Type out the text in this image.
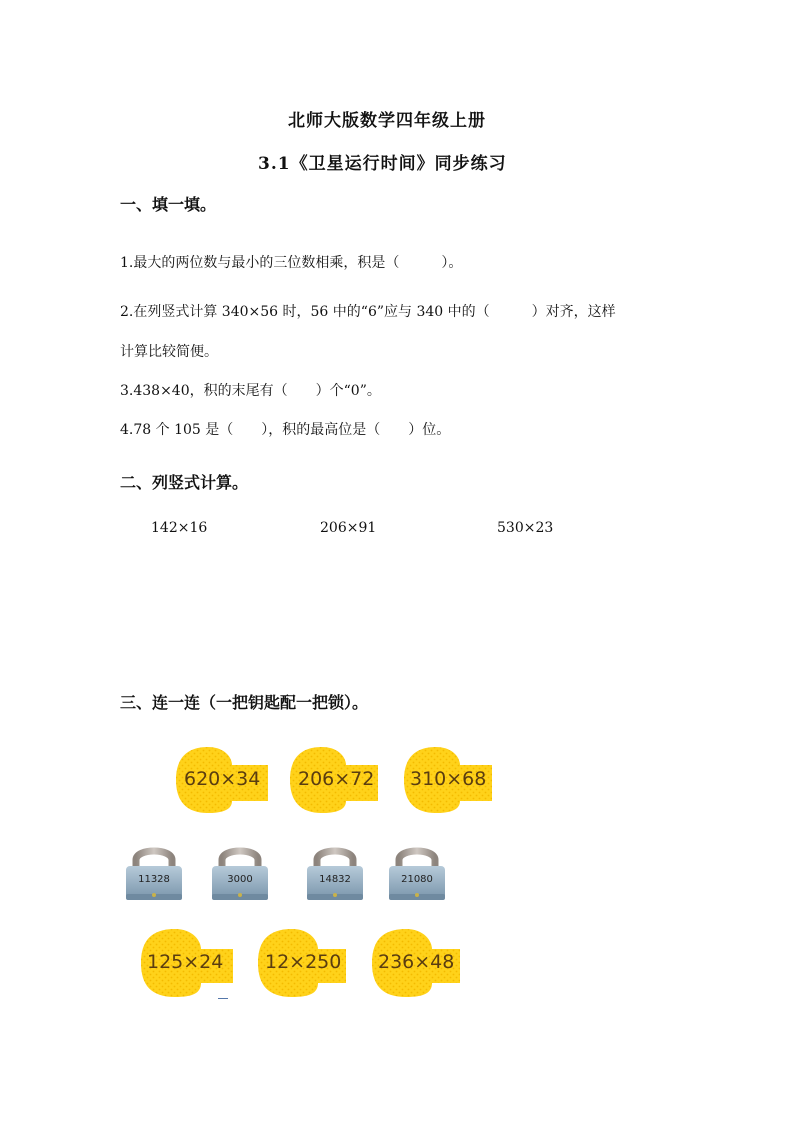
北师大版数学四年级上册
3.1《卫星运行时间》同步练习
一、填一填。
1.最大的两位数与最小的三位数相乘，积是（　　　）。
2.在列竖式计算 340×56 时，56 中的“6”应与 340 中的（　　　）对齐，这样
计算比较简便。
3.438×40，积的末尾有（　　）个“0”。
4.78 个 105 是（　　），积的最高位是（　　）位。
二、列竖式计算。
142×16	206×91	530×23
三、连一连（一把钥匙配一把锁）。
620×34 206×72 310×68
11328	3000	14832	21080
125×24 12×250 236×48
